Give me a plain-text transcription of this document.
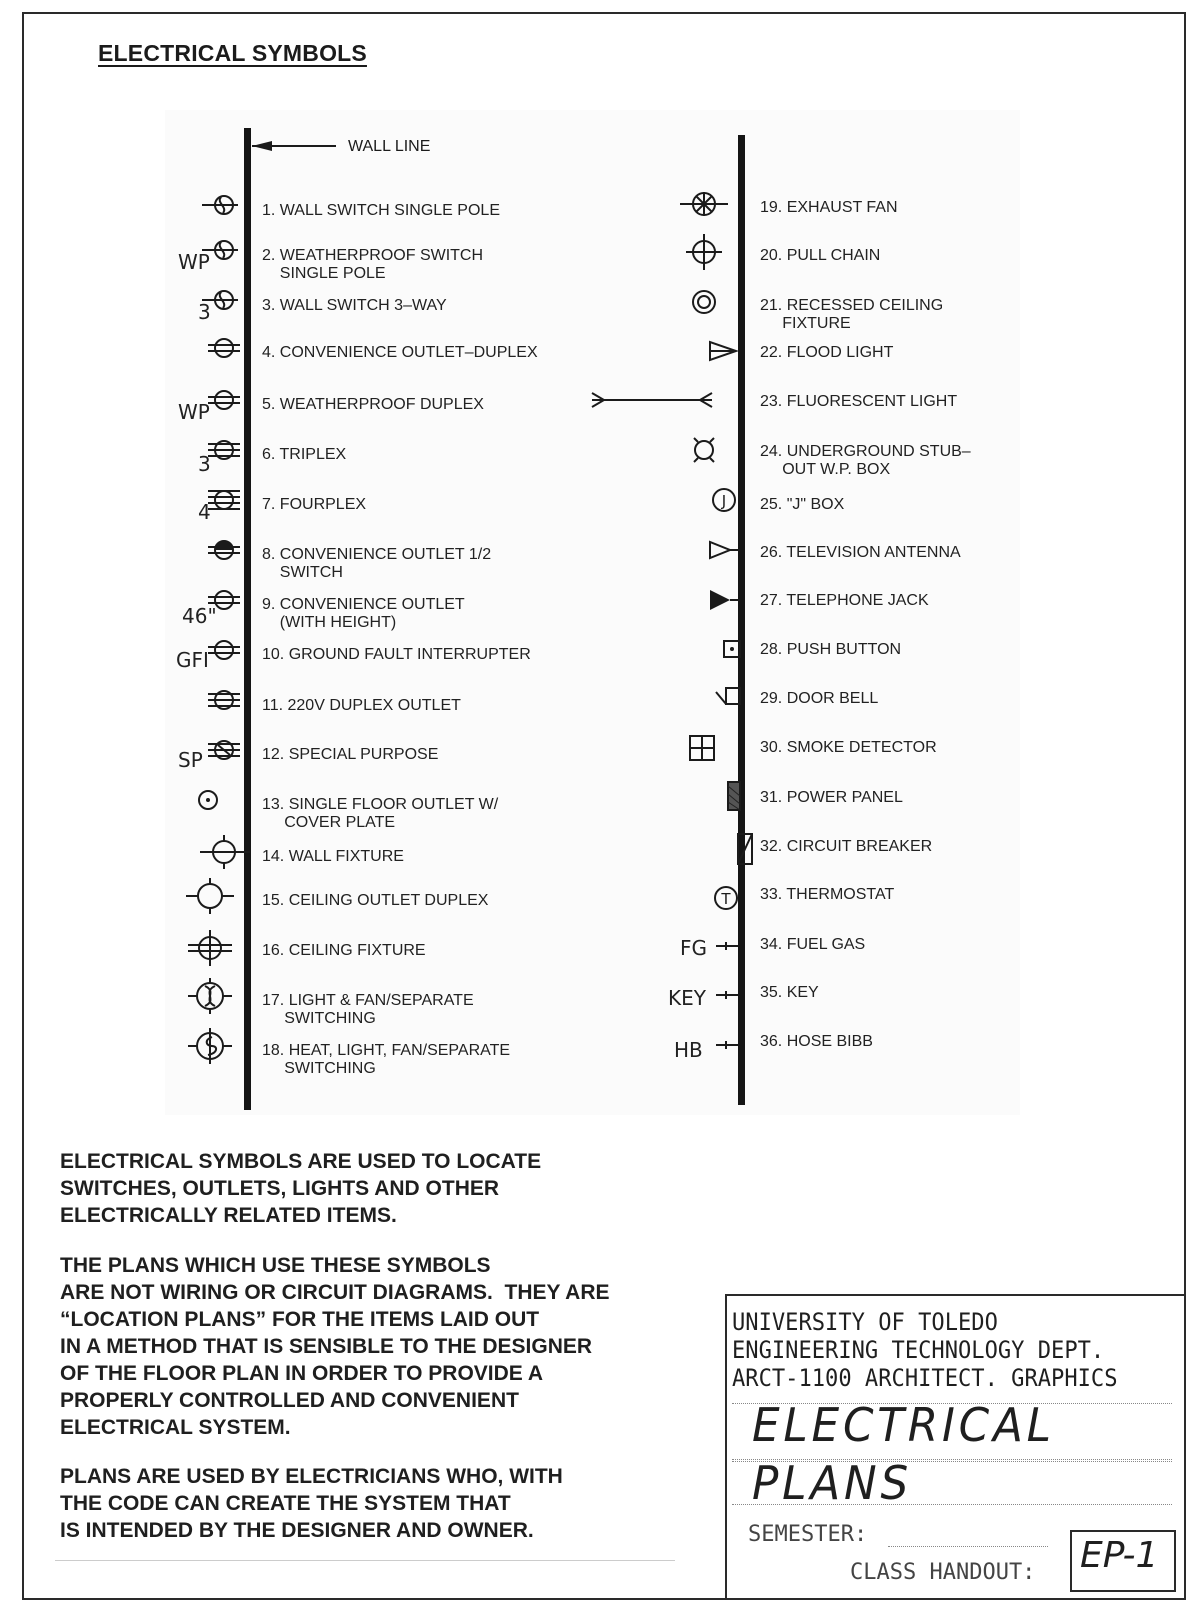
ELECTRICAL SYMBOLS
WALL LINE
1. WALL SWITCH SINGLE POLE
2. WEATHERPROOF SWITCH
SINGLE POLE
WP
3. WALL SWITCH 3–WAY
3
4. CONVENIENCE OUTLET–DUPLEX
5. WEATHERPROOF DUPLEX
WP
6. TRIPLEX
3
7. FOURPLEX
4
8. CONVENIENCE OUTLET 1/2
SWITCH
9. CONVENIENCE OUTLET
(WITH HEIGHT)
46"
10. GROUND FAULT INTERRUPTER
GFI
11. 220V DUPLEX OUTLET
12. SPECIAL PURPOSE
SP
13. SINGLE FLOOR OUTLET W/
COVER PLATE
14. WALL FIXTURE
15. CEILING OUTLET DUPLEX
16. CEILING FIXTURE
17. LIGHT & FAN/SEPARATE
SWITCHING
18. HEAT, LIGHT, FAN/SEPARATE
SWITCHING
19. EXHAUST FAN
20. PULL CHAIN
21. RECESSED CEILING
FIXTURE
22. FLOOD LIGHT
23. FLUORESCENT LIGHT
24. UNDERGROUND STUB–
OUT W.P. BOX
J 25. "J" BOX
26. TELEVISION ANTENNA
27. TELEPHONE JACK
28. PUSH BUTTON
29. DOOR BELL
30. SMOKE DETECTOR
31. POWER PANEL
32. CIRCUIT BREAKER
T 33. THERMOSTAT
34. FUEL GAS
FG
35. KEY
KEY
36. HOSE BIBB
HB
ELECTRICAL SYMBOLS ARE USED TO LOCATE
SWITCHES, OUTLETS, LIGHTS AND OTHER
ELECTRICALLY RELATED ITEMS.
THE PLANS WHICH USE THESE SYMBOLS
ARE NOT WIRING OR CIRCUIT DIAGRAMS.  THEY ARE
“LOCATION PLANS” FOR THE ITEMS LAID OUT
IN A METHOD THAT IS SENSIBLE TO THE DESIGNER
OF THE FLOOR PLAN IN ORDER TO PROVIDE A
PROPERLY CONTROLLED AND CONVENIENT
ELECTRICAL SYSTEM.
PLANS ARE USED BY ELECTRICIANS WHO, WITH
THE CODE CAN CREATE THE SYSTEM THAT
IS INTENDED BY THE DESIGNER AND OWNER.
UNIVERSITY OF TOLEDO
ENGINEERING TECHNOLOGY DEPT.
ARCT-1100 ARCHITECT. GRAPHICS
ELECTRICAL
PLANS
SEMESTER:
CLASS HANDOUT: EP-1
